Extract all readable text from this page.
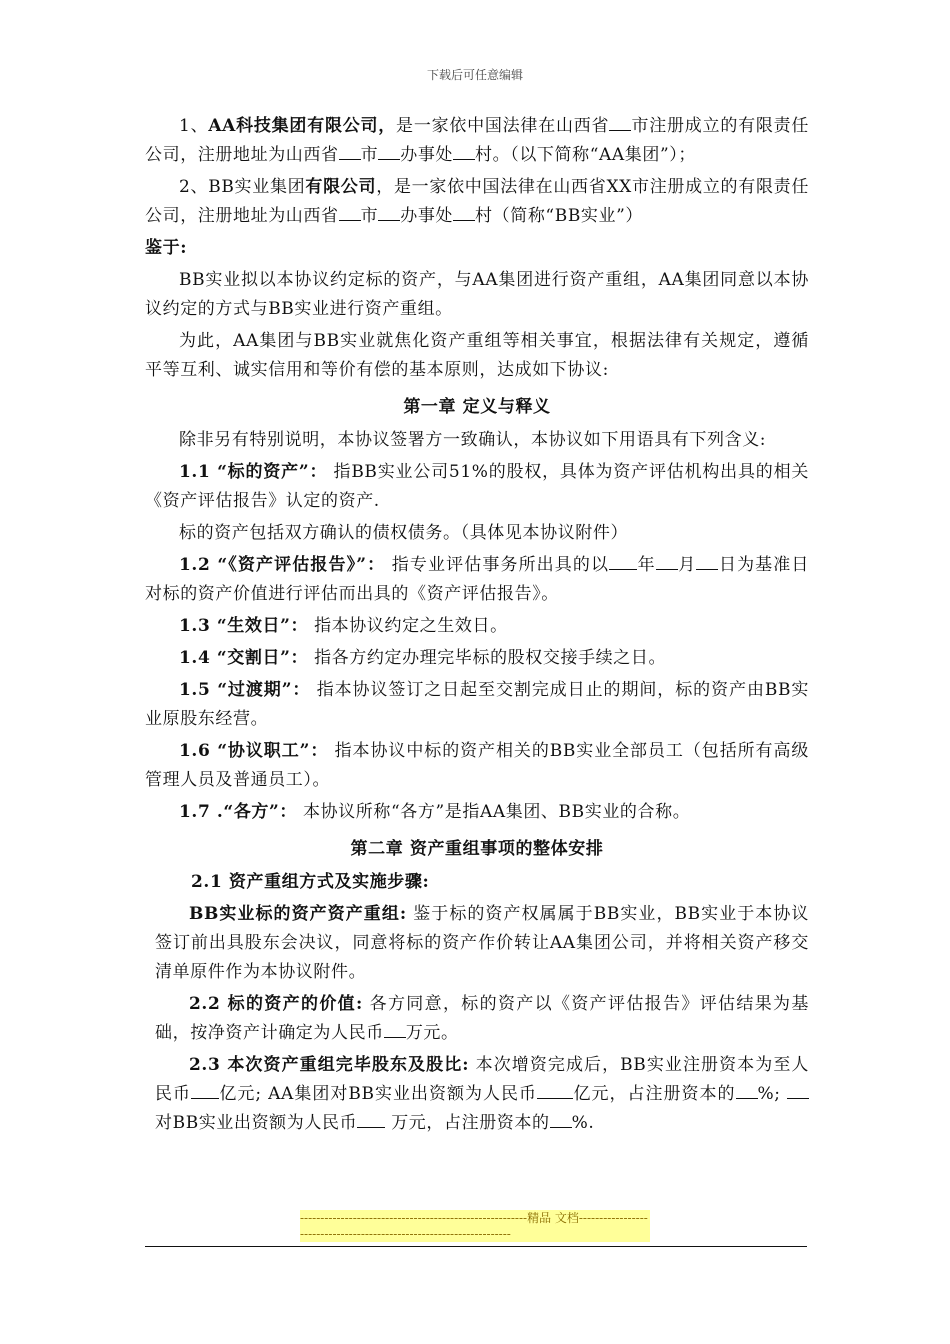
下载后可任意编辑

1、AA科技集团有限公司，是一家依中国法律在山西省 市注册成立的有限责任公司，注册地址为山西省 市 办事处 村。（以下简称“AA集团”）；

2、BB实业集团有限公司，是一家依中国法律在山西省XX市注册成立的有限责任公司，注册地址为山西省 市 办事处 村（简称“BB实业”）

鉴于:

BB实业拟以本协议约定标的资产，与AA集团进行资产重组，AA集团同意以本协议约定的方式与BB实业进行资产重组。

为此，AA集团与BB实业就焦化资产重组等相关事宜，根据法律有关规定，遵循平等互利、诚实信用和等价有偿的基本原则，达成如下协议:

第一章 定义与释义

除非另有特别说明，本协议签署方一致确认，本协议如下用语具有下列含义:

1.1 “标的资产”： 指BB实业公司51%的股权，具体为资产评估机构出具的相关《资产评估报告》认定的资产.

标的资产包括双方确认的债权债务。（具体见本协议附件）

1.2 “《资产评估报告》”： 指专业评估事务所出具的以 年 月 日为基准日对标的资产价值进行评估而出具的《资产评估报告》。

1.3 “生效日”： 指本协议约定之生效日。

1.4 “交割日”： 指各方约定办理完毕标的股权交接手续之日。

1.5 “过渡期”： 指本协议签订之日起至交割完成日止的期间，标的资产由BB实业原股东经营。

1.6 “协议职工”： 指本协议中标的资产相关的BB实业全部员工（包括所有高级管理人员及普通员工）。

1.7 .“各方”： 本协议所称“各方”是指AA集团、BB实业的合称。

第二章 资产重组事项的整体安排

2.1 资产重组方式及实施步骤:

BB实业标的资产资产重组: 鉴于标的资产权属属于BB实业，BB实业于本协议签订前出具股东会决议，同意将标的资产作价转让AA集团公司，并将相关资产移交清单原件作为本协议附件。

2.2 标的资产的价值: 各方同意，标的资产以《资产评估报告》评估结果为基础，按净资产计确定为人民币 万元。

2.3 本次资产重组完毕股东及股比: 本次增资完成后，BB实业注册资本为至人民币 亿元; AA集团对BB实业出资额为人民币 亿元，占注册资本的 %; 对BB实业出资额为人民币 万元，占注册资本的 %.

--------------------------------------------------------精品 文档---------------------------------------------------------------------
